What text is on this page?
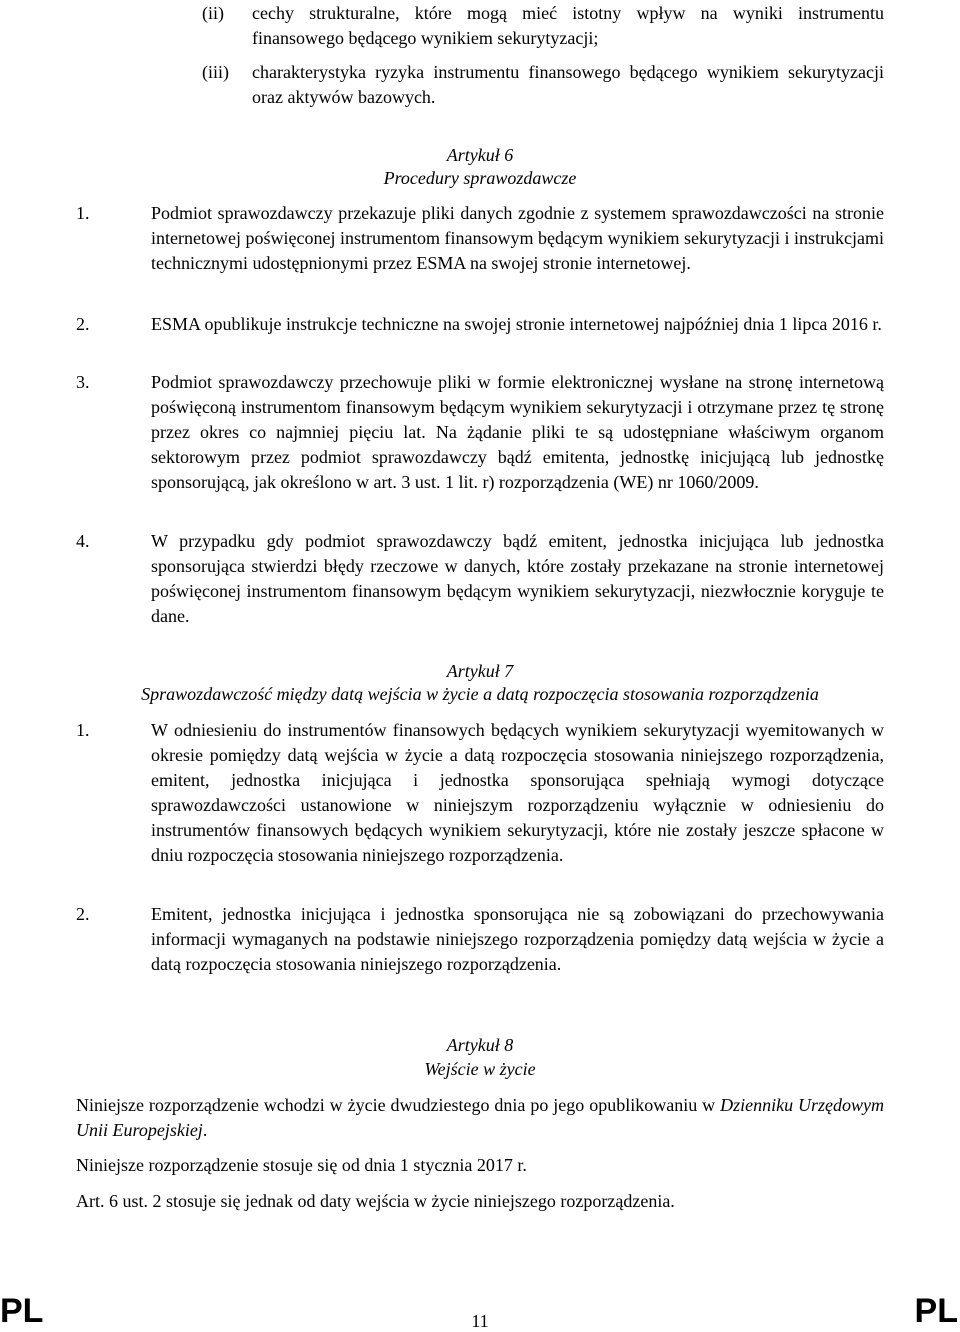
(ii)	cechy strukturalne, które mogą mieć istotny wpływ na wyniki instrumentu finansowego będącego wynikiem sekurytyzacji;
(iii)	charakterystyka ryzyka instrumentu finansowego będącego wynikiem sekurytyzacji oraz aktywów bazowych.
Artykuł 6
Procedury sprawozdawcze
1.	Podmiot sprawozdawczy przekazuje pliki danych zgodnie z systemem sprawozdawczości na stronie internetowej poświęconej instrumentom finansowym będącym wynikiem sekurytyzacji i instrukcjami technicznymi udostępnionymi przez ESMA na swojej stronie internetowej.
2.	ESMA opublikuje instrukcje techniczne na swojej stronie internetowej najpóźniej dnia 1 lipca 2016 r.
3.	Podmiot sprawozdawczy przechowuje pliki w formie elektronicznej wysłane na stronę internetową poświęconą instrumentom finansowym będącym wynikiem sekurytyzacji i otrzymane przez tę stronę przez okres co najmniej pięciu lat. Na żądanie pliki te są udostępniane właściwym organom sektorowym przez podmiot sprawozdawczy bądź emitenta, jednostkę inicjującą lub jednostkę sponsorującą, jak określono w art. 3 ust. 1 lit. r) rozporządzenia (WE) nr 1060/2009.
4.	W przypadku gdy podmiot sprawozdawczy bądź emitent, jednostka inicjująca lub jednostka sponsorująca stwierdzi błędy rzeczowe w danych, które zostały przekazane na stronie internetowej poświęconej instrumentom finansowym będącym wynikiem sekurytyzacji, niezwłocznie koryguje te dane.
Artykuł 7
Sprawozdawczość między datą wejścia w życie a datą rozpoczęcia stosowania rozporządzenia
1.	W odniesieniu do instrumentów finansowych będących wynikiem sekurytyzacji wyemitowanych w okresie pomiędzy datą wejścia w życie a datą rozpoczęcia stosowania niniejszego rozporządzenia, emitent, jednostka inicjująca i jednostka sponsorująca spełniają wymogi dotyczące sprawozdawczości ustanowione w niniejszym rozporządzeniu wyłącznie w odniesieniu do instrumentów finansowych będących wynikiem sekurytyzacji, które nie zostały jeszcze spłacone w dniu rozpoczęcia stosowania niniejszego rozporządzenia.
2.	Emitent, jednostka inicjująca i jednostka sponsorująca nie są zobowiązani do przechowywania informacji wymaganych na podstawie niniejszego rozporządzenia pomiędzy datą wejścia w życie a datą rozpoczęcia stosowania niniejszego rozporządzenia.
Artykuł 8
Wejście w życie
Niniejsze rozporządzenie wchodzi w życie dwudziestego dnia po jego opublikowaniu w Dzienniku Urzędowym Unii Europejskiej.
Niniejsze rozporządzenie stosuje się od dnia 1 stycznia 2017 r.
Art. 6 ust. 2 stosuje się jednak od daty wejścia w życie niniejszego rozporządzenia.
PL	11	PL
